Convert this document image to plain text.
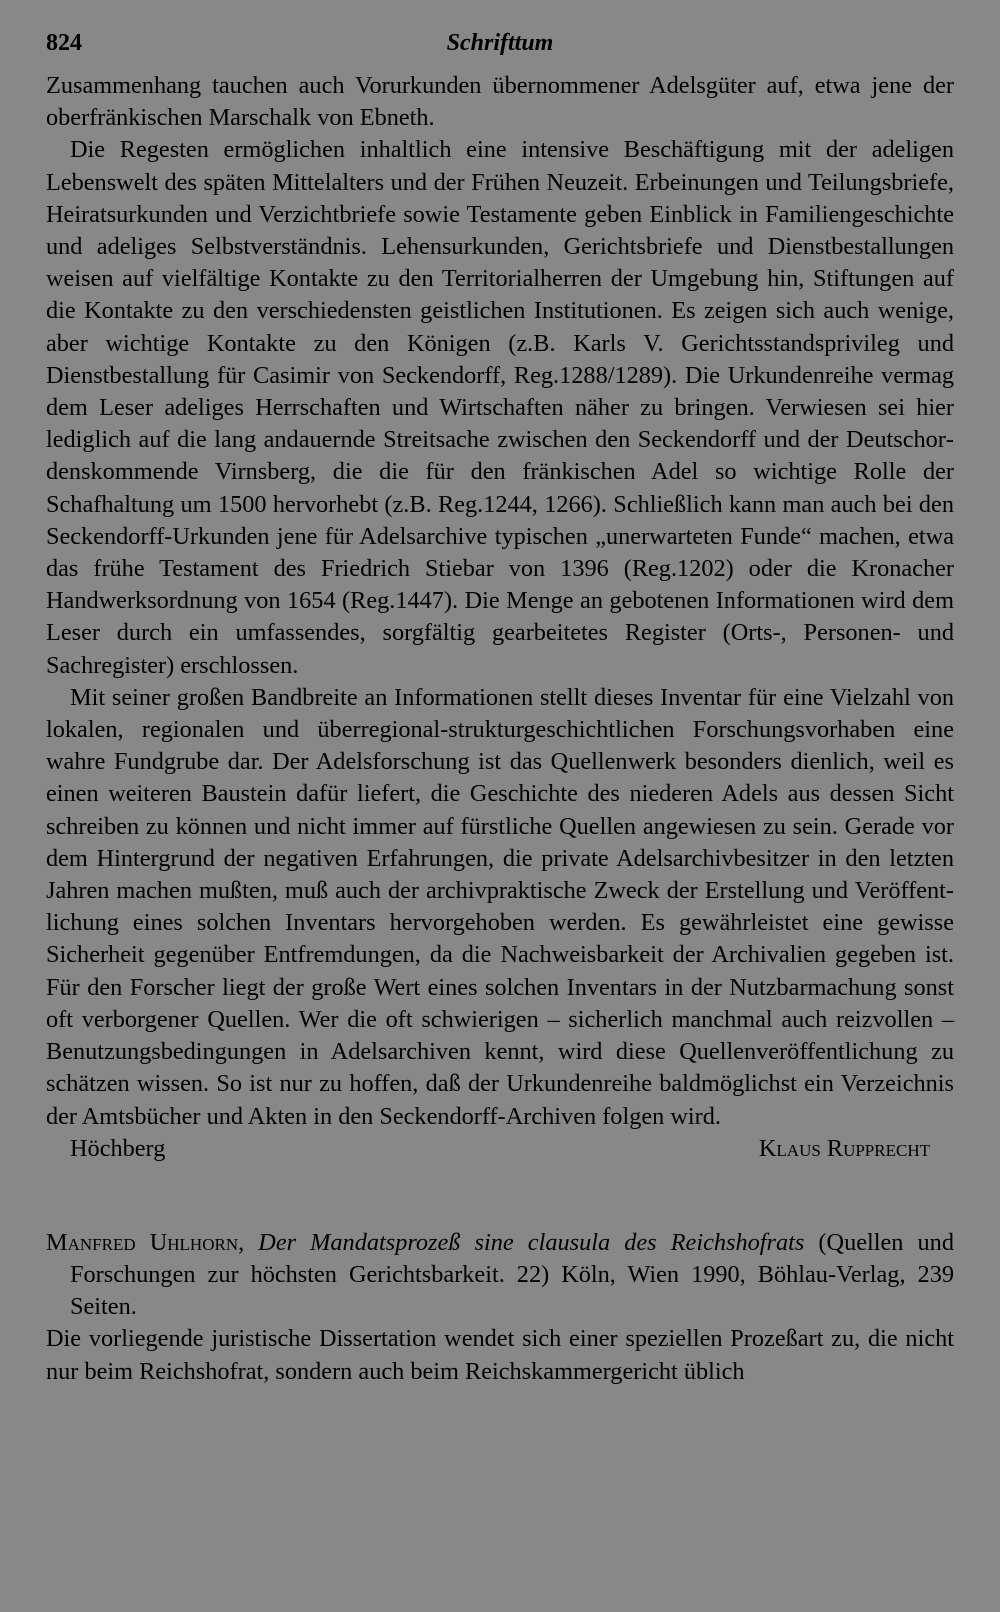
824	Schrifttum

Zusammenhang tauchen auch Vorurkunden übernommener Adelsgüter auf, etwa jene der oberfränkischen Marschalk von Ebneth.

Die Regesten ermöglichen inhaltlich eine intensive Beschäftigung mit der adeligen Lebenswelt des späten Mittelalters und der Frühen Neuzeit. Erbeinungen und Teilungsbriefe, Heiratsurkunden und Verzichtbriefe sowie Testamente geben Einblick in Familiengeschichte und adeliges Selbstverständnis. Lehensurkunden, Gerichtsbriefe und Dienstbestallungen weisen auf vielfältige Kontakte zu den Territorialherren der Umgebung hin, Stiftungen auf die Kontakte zu den verschiedensten geistlichen Institutionen. Es zeigen sich auch wenige, aber wichtige Kontakte zu den Königen (z.B. Karls V. Gerichtsstandsprivileg und Dienstbestallung für Casimir von Seckendorff, Reg.1288/1289). Die Urkundenreihe vermag dem Leser adeliges Herrschaften und Wirtschaften näher zu bringen. Verwiesen sei hier lediglich auf die lang andauernde Streitsache zwischen den Seckendorff und der Deutschordenskommende Virnsberg, die die für den fränkischen Adel so wichtige Rolle der Schafhaltung um 1500 hervorhebt (z.B. Reg.1244, 1266). Schließlich kann man auch bei den Seckendorff-Urkunden jene für Adelsarchive typischen „unerwarteten Funde“ machen, etwa das frühe Testament des Friedrich Stiebar von 1396 (Reg.1202) oder die Kronacher Handwerksordnung von 1654 (Reg.1447). Die Menge an gebotenen Informationen wird dem Leser durch ein umfassendes, sorgfältig gearbeitetes Register (Orts-, Personen- und Sachregister) erschlossen.

Mit seiner großen Bandbreite an Informationen stellt dieses Inventar für eine Vielzahl von lokalen, regionalen und überregional-strukturgeschichtlichen Forschungsvorhaben eine wahre Fundgrube dar. Der Adelsforschung ist das Quellenwerk besonders dienlich, weil es einen weiteren Baustein dafür liefert, die Geschichte des niederen Adels aus dessen Sicht schreiben zu können und nicht immer auf fürstliche Quellen angewiesen zu sein. Gerade vor dem Hintergrund der negativen Erfahrungen, die private Adelsarchivbesitzer in den letzten Jahren machen mußten, muß auch der archivpraktische Zweck der Erstellung und Veröffentlichung eines solchen Inventars hervorgehoben werden. Es gewährleistet eine gewisse Sicherheit gegenüber Entfremdungen, da die Nachweisbarkeit der Archivalien gegeben ist. Für den Forscher liegt der große Wert eines solchen Inventars in der Nutzbarmachung sonst oft verborgener Quellen. Wer die oft schwierigen – sicherlich manchmal auch reizvollen – Benutzungsbedingungen in Adelsarchiven kennt, wird diese Quellenveröffentlichung zu schätzen wissen. So ist nur zu hoffen, daß der Urkundenreihe baldmöglichst ein Verzeichnis der Amtsbücher und Akten in den Seckendorff-Archiven folgen wird.

Höchberg	Klaus Rupprecht

Manfred Uhlhorn, Der Mandatsprozeß sine clausula des Reichshofrats (Quellen und Forschungen zur höchsten Gerichtsbarkeit. 22) Köln, Wien 1990, Böhlau-Verlag, 239 Seiten.

Die vorliegende juristische Dissertation wendet sich einer speziellen Prozeßart zu, die nicht nur beim Reichshofrat, sondern auch beim Reichskammergericht üblich
